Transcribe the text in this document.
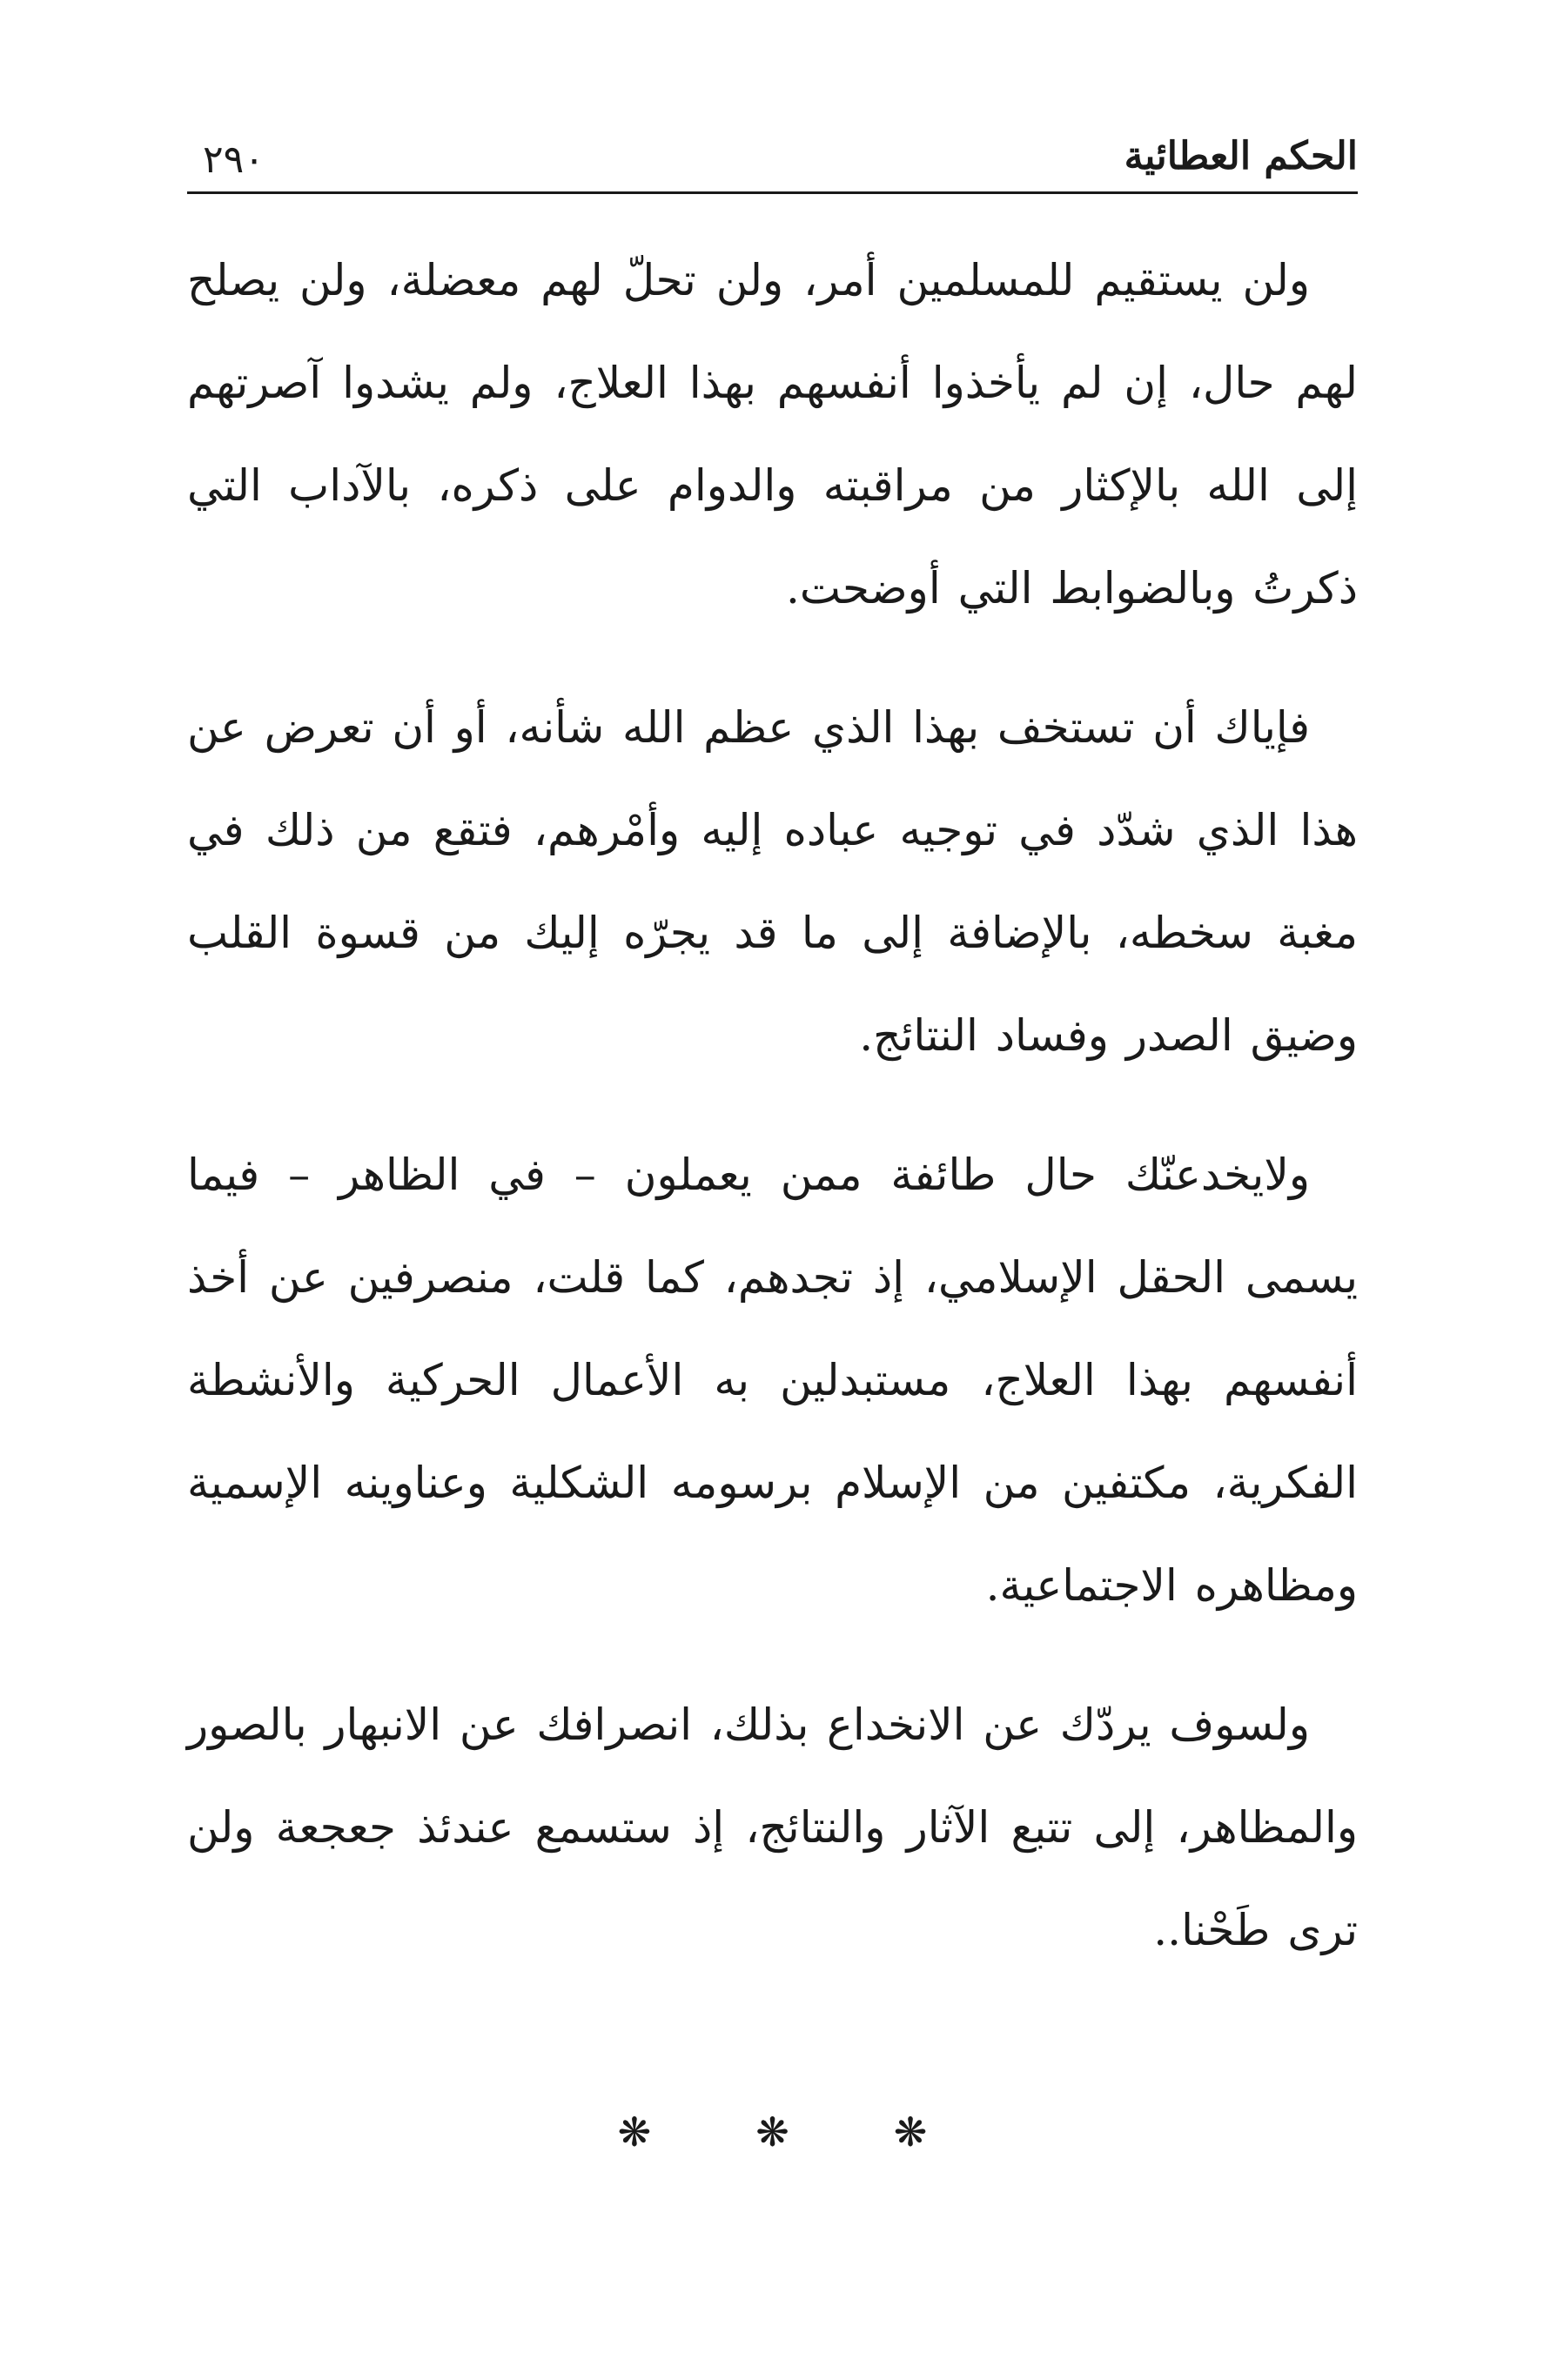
الحكم العطائية
٢٩٠

ولن يستقيم للمسلمين أمر، ولن تحلّ لهم معضلة، ولن يصلح لهم حال، إن لم يأخذوا أنفسهم بهذا العلاج، ولم يشدوا آصرتهم إلى الله بالإكثار من مراقبته والدوام على ذكره، بالآداب التي ذكرتُ وبالضوابط التي أوضحت.

فإياك أن تستخف بهذا الذي عظم الله شأنه، أو أن تعرض عن هذا الذي شدّد في توجيه عباده إليه وأمْرهم، فتقع من ذلك في مغبة سخطه، بالإضافة إلى ما قد يجرّه إليك من قسوة القلب وضيق الصدر وفساد النتائج.

ولايخدعنّك حال طائفة ممن يعملون – في الظاهر – فيما يسمى الحقل الإسلامي، إذ تجدهم، كما قلت، منصرفين عن أخذ أنفسهم بهذا العلاج، مستبدلين به الأعمال الحركية والأنشطة الفكرية، مكتفين من الإسلام برسومه الشكلية وعناوينه الإسمية ومظاهره الاجتماعية.

ولسوف يردّك عن الانخداع بذلك، انصرافك عن الانبهار بالصور والمظاهر، إلى تتبع الآثار والنتائج، إذ ستسمع عندئذ جعجعة ولن ترى طَحْنا..

❋	❋	❋
